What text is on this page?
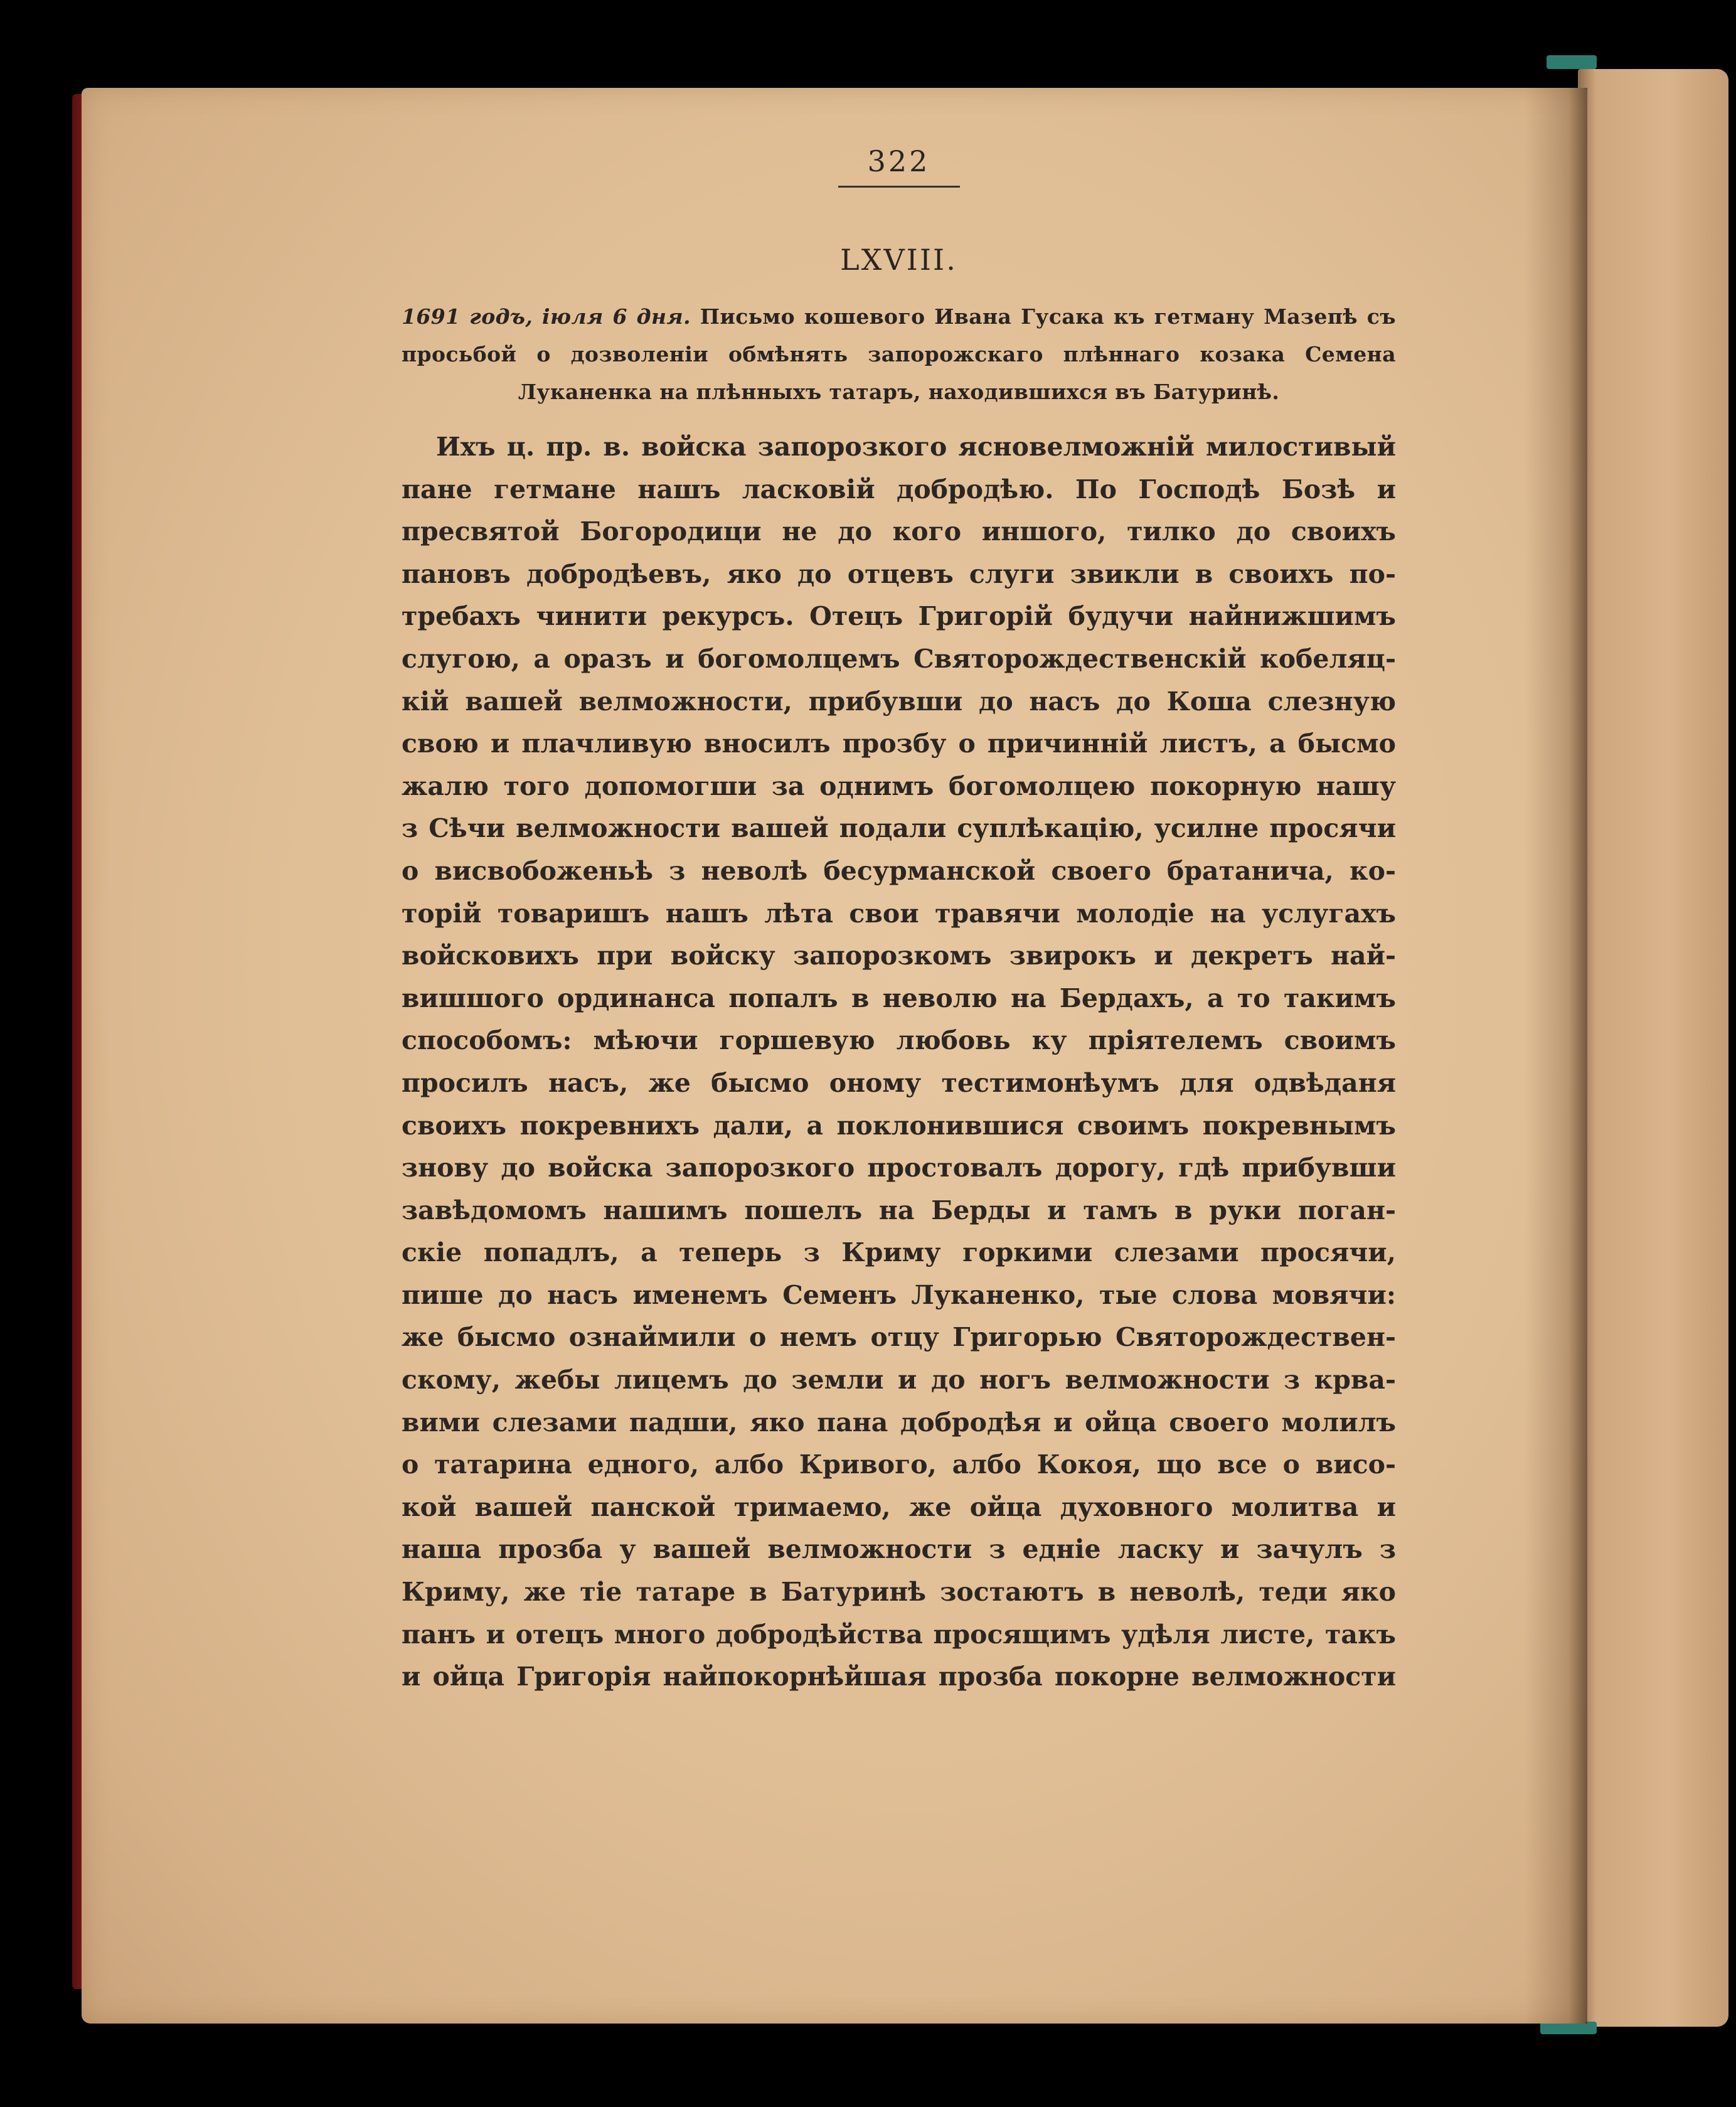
322
LXVIII.
1691 годъ, іюля 6 дня. Письмо кошевого Ивана Гусака къ гетману Мазепѣ съ просьбой о дозволеніи обмѣнять запорожскаго плѣннаго козака Семена Луканенка на плѣнныхъ татаръ, находившихся въ Батуринѣ.
Ихъ ц. пр. в. войска запорозкого ясновелможній милостивый
пане гетмане нашъ ласковій добродѣю. По Господѣ Бозѣ и
пресвятой Богородици не до кого иншого, тилко до своихъ
пановъ добродѣевъ, яко до отцевъ слуги звикли в своихъ по-
требахъ чинити рекурсъ. Отецъ Григорій будучи найнижшимъ
слугою, а оразъ и богомолцемъ Святорождественскій кобеляц-
кій вашей велможности, прибувши до насъ до Коша слезную
свою и плачливую вносилъ прозбу о причинній листъ, а бысмо
жалю того допомогши за однимъ богомолцею покорную нашу
з Сѣчи велможности вашей подали суплѣкацію, усилне просячи
о висвобоженьѣ з неволѣ бесурманской своего братанича, ко-
торій товаришъ нашъ лѣта свои травячи молодіе на услугахъ
войсковихъ при войску запорозкомъ звирокъ и декретъ най-
вишшого ординанса попалъ в неволю на Бердахъ, а то такимъ
способомъ: мѣючи горшевую любовь ку пріятелемъ своимъ
просилъ насъ, же бысмо оному тестимонѣумъ для одвѣданя
своихъ покревнихъ дали, а поклонившися своимъ покревнымъ
знову до войска запорозкого простовалъ дорогу, гдѣ прибувши
завѣдомомъ нашимъ пошелъ на Берды и тамъ в руки поган-
скіе попадлъ, а теперь з Криму горкими слезами просячи,
пише до насъ именемъ Семенъ Луканенко, тые слова мовячи:
же бысмо ознаймили о немъ отцу Григорью Святорождествен-
скому, жебы лицемъ до земли и до ногъ велможности з крва-
вими слезами падши, яко пана добродѣя и ойца своего молилъ
о татарина едного, албо Кривого, албо Кокоя, що все о висо-
кой вашей панской тримаемо, же ойца духовного молитва и
наша прозба у вашей велможности з едніе ласку и зачулъ з
Криму, же тіе татаре в Батуринѣ зостаютъ в неволѣ, теди яко
панъ и отецъ много добродѣйства просящимъ удѣля листе, такъ
и ойца Григорія найпокорнѣйшая прозба покорне велможности
